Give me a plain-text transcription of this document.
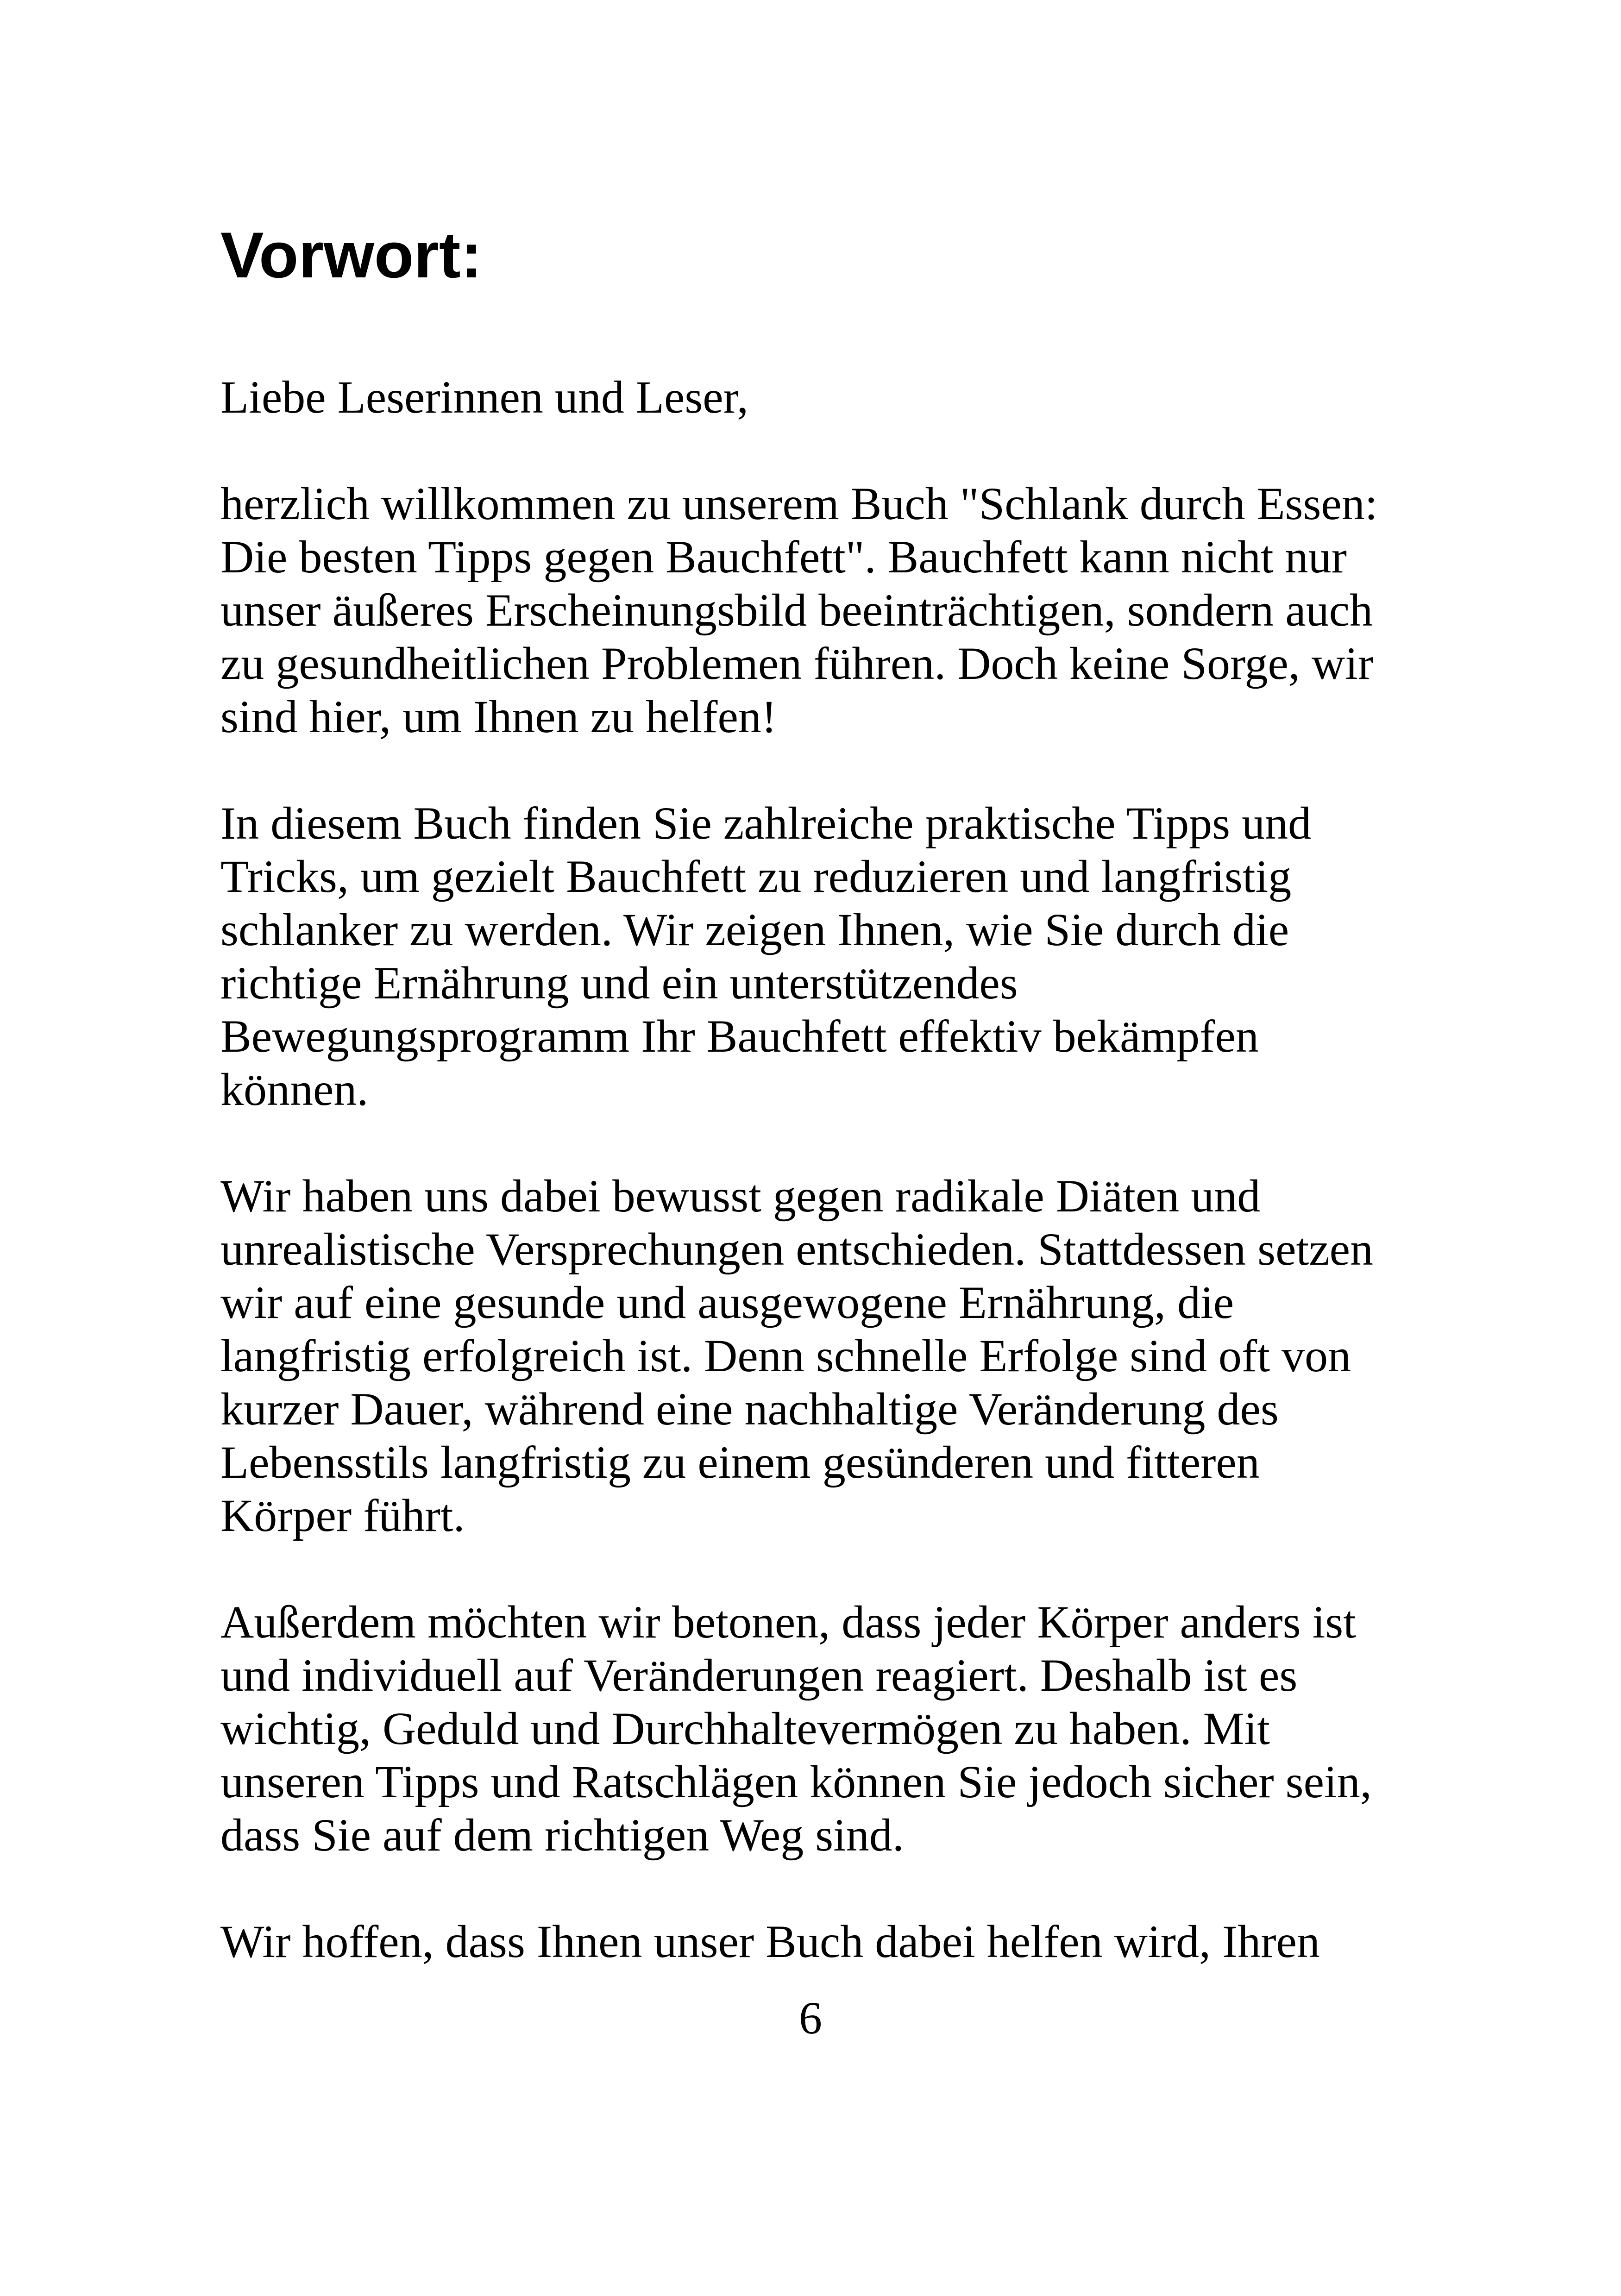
Vorwort:

Liebe Leserinnen und Leser,

herzlich willkommen zu unserem Buch "Schlank durch Essen:
Die besten Tipps gegen Bauchfett". Bauchfett kann nicht nur
unser äußeres Erscheinungsbild beeinträchtigen, sondern auch
zu gesundheitlichen Problemen führen. Doch keine Sorge, wir
sind hier, um Ihnen zu helfen!

In diesem Buch finden Sie zahlreiche praktische Tipps und
Tricks, um gezielt Bauchfett zu reduzieren und langfristig
schlanker zu werden. Wir zeigen Ihnen, wie Sie durch die
richtige Ernährung und ein unterstützendes
Bewegungsprogramm Ihr Bauchfett effektiv bekämpfen
können.

Wir haben uns dabei bewusst gegen radikale Diäten und
unrealistische Versprechungen entschieden. Stattdessen setzen
wir auf eine gesunde und ausgewogene Ernährung, die
langfristig erfolgreich ist. Denn schnelle Erfolge sind oft von
kurzer Dauer, während eine nachhaltige Veränderung des
Lebensstils langfristig zu einem gesünderen und fitteren
Körper führt.

Außerdem möchten wir betonen, dass jeder Körper anders ist
und individuell auf Veränderungen reagiert. Deshalb ist es
wichtig, Geduld und Durchhaltevermögen zu haben. Mit
unseren Tipps und Ratschlägen können Sie jedoch sicher sein,
dass Sie auf dem richtigen Weg sind.

Wir hoffen, dass Ihnen unser Buch dabei helfen wird, Ihren

6
